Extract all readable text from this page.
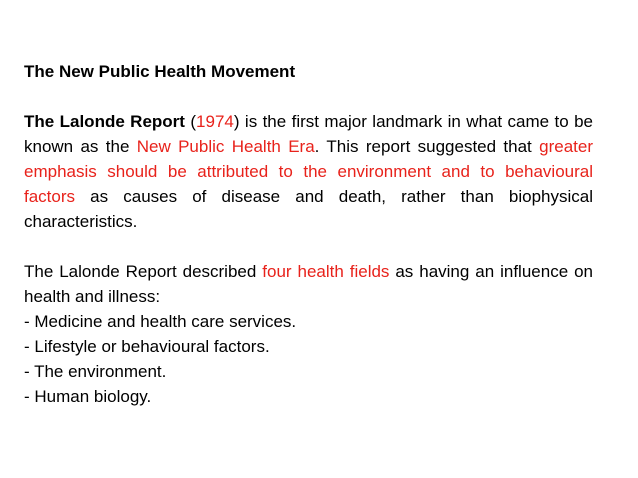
The New Public Health Movement

The Lalonde Report (1974) is the first major landmark in what came to be known as the New Public Health Era. This report suggested that greater emphasis should be attributed to the environment and to behavioural factors as causes of disease and death, rather than biophysical characteristics.

The Lalonde Report described four health fields as having an influence on health and illness:

- Medicine and health care services.
- Lifestyle or behavioural factors.
- The environment.
- Human biology.
